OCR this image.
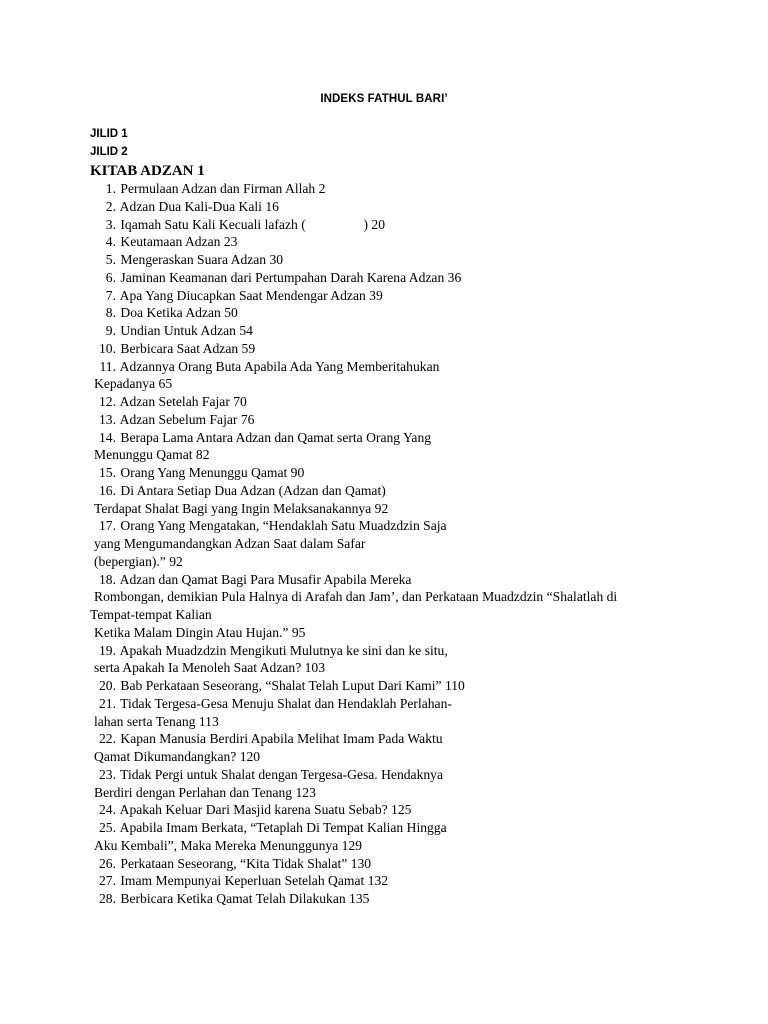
INDEKS FATHUL BARI’
JILID 1
JILID 2
KITAB ADZAN 1
1. Permulaan Adzan dan Firman Allah 2
2. Adzan Dua Kali-Dua Kali 16
3. Iqamah Satu Kali Kecuali lafazh (                 ) 20
4. Keutamaan Adzan 23
5. Mengeraskan Suara Adzan 30
6. Jaminan Keamanan dari Pertumpahan Darah Karena Adzan 36
7. Apa Yang Diucapkan Saat Mendengar Adzan 39
8. Doa Ketika Adzan 50
9. Undian Untuk Adzan 54
10. Berbicara Saat Adzan 59
11. Adzannya Orang Buta Apabila Ada Yang Memberitahukan
Kepadanya 65
12. Adzan Setelah Fajar 70
13. Adzan Sebelum Fajar 76
14. Berapa Lama Antara Adzan dan Qamat serta Orang Yang
Menunggu Qamat 82
15. Orang Yang Menunggu Qamat 90
16. Di Antara Setiap Dua Adzan (Adzan dan Qamat)
Terdapat Shalat Bagi yang Ingin Melaksanakannya 92
17. Orang Yang Mengatakan, “Hendaklah Satu Muadzdzin Saja
yang Mengumandangkan Adzan Saat dalam Safar
(bepergian).” 92
18. Adzan dan Qamat Bagi Para Musafir Apabila Mereka
Rombongan, demikian Pula Halnya di Arafah dan Jam’, dan Perkataan Muadzdzin “Shalatlah di
Tempat-tempat Kalian
Ketika Malam Dingin Atau Hujan.” 95
19. Apakah Muadzdzin Mengikuti Mulutnya ke sini dan ke situ,
serta Apakah Ia Menoleh Saat Adzan? 103
20. Bab Perkataan Seseorang, “Shalat Telah Luput Dari Kami” 110
21. Tidak Tergesa-Gesa Menuju Shalat dan Hendaklah Perlahan-
lahan serta Tenang 113
22. Kapan Manusia Berdiri Apabila Melihat Imam Pada Waktu
Qamat Dikumandangkan? 120
23. Tidak Pergi untuk Shalat dengan Tergesa-Gesa. Hendaknya
Berdiri dengan Perlahan dan Tenang 123
24. Apakah Keluar Dari Masjid karena Suatu Sebab? 125
25. Apabila Imam Berkata, “Tetaplah Di Tempat Kalian Hingga
Aku Kembali”, Maka Mereka Menunggunya 129
26. Perkataan Seseorang, “Kita Tidak Shalat” 130
27. Imam Mempunyai Keperluan Setelah Qamat 132
28. Berbicara Ketika Qamat Telah Dilakukan 135
